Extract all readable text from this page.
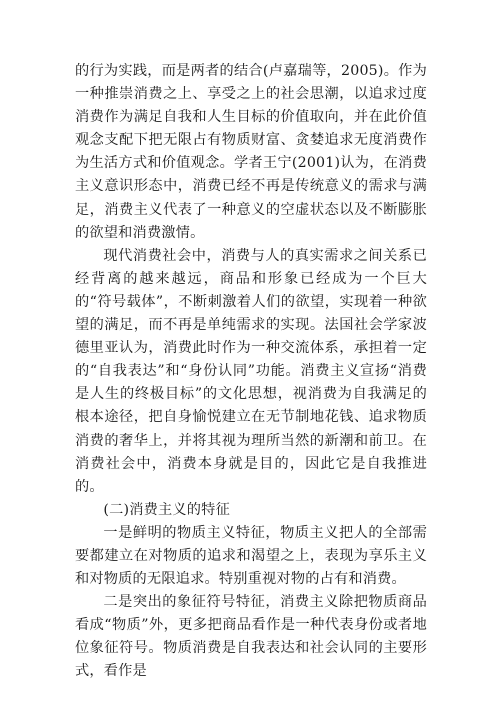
的行为实践，而是两者的结合(卢嘉瑞等，2005)。作为一种推崇消费之上、享受之上的社会思潮，以追求过度消费作为满足自我和人生目标的价值取向，并在此价值观念支配下把无限占有物质财富、贪婪追求无度消费作为生活方式和价值观念。学者王宁(2001)认为，在消费主义意识形态中，消费已经不再是传统意义的需求与满足，消费主义代表了一种意义的空虚状态以及不断膨胀的欲望和消费激情。

现代消费社会中，消费与人的真实需求之间关系已经背离的越来越远，商品和形象已经成为一个巨大的“符号载体”，不断刺激着人们的欲望，实现着一种欲望的满足，而不再是单纯需求的实现。法国社会学家波德里亚认为，消费此时作为一种交流体系，承担着一定的“自我表达”和“身份认同”功能。消费主义宣扬“消费是人生的终极目标”的文化思想，视消费为自我满足的根本途径，把自身愉悦建立在无节制地花钱、追求物质消费的奢华上，并将其视为理所当然的新潮和前卫。在消费社会中，消费本身就是目的，因此它是自我推进的。

(二)消费主义的特征

一是鲜明的物质主义特征，物质主义把人的全部需要都建立在对物质的追求和渴望之上，表现为享乐主义和对物质的无限追求。特别重视对物的占有和消费。

二是突出的象征符号特征，消费主义除把物质商品看成“物质”外，更多把商品看作是一种代表身份或者地位象征符号。物质消费是自我表达和社会认同的主要形式，看作是
